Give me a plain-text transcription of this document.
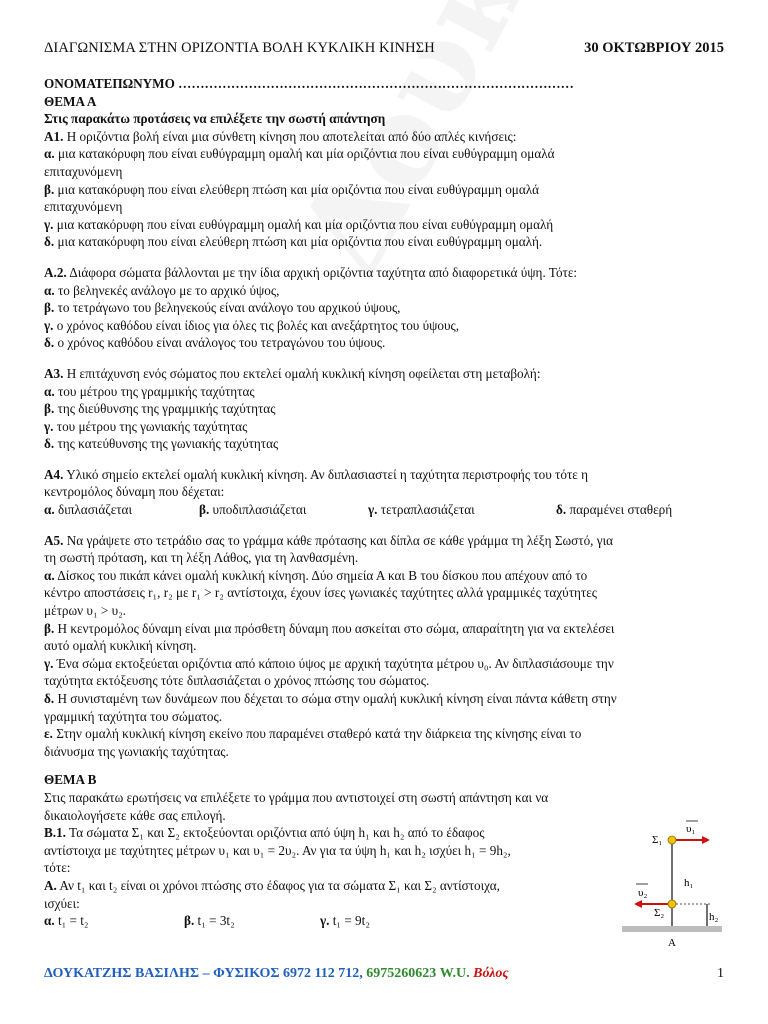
ΔΙΑΓΩΝΙΣΜΑ ΣΤΗΝ ΟΡΙΖΟΝΤΙΑ ΒΟΛΗ ΚΥΚΛΙΚΗ ΚΙΝΗΣΗ	30 ΟΚΤΩΒΡΙΟΥ 2015
ΟΝΟΜΑΤΕΠΩΝΥΜΟ ………………………………………………………………………………
ΘΕΜΑ Α
Στις παρακάτω προτάσεις να επιλέξετε την σωστή απάντηση
Α1. Η οριζόντια βολή είναι μια σύνθετη κίνηση που αποτελείται από δύο απλές κινήσεις:
α. μια κατακόρυφη που είναι ευθύγραμμη ομαλή και μία οριζόντια που είναι ευθύγραμμη ομαλά
επιταχυνόμενη
β. μια κατακόρυφη που είναι ελεύθερη πτώση και μία οριζόντια που είναι ευθύγραμμη ομαλά
επιταχυνόμενη
γ. μια κατακόρυφη που είναι ευθύγραμμη ομαλή και μία οριζόντια που είναι ευθύγραμμη ομαλή
δ. μια κατακόρυφη που είναι ελεύθερη πτώση και μία οριζόντια που είναι ευθύγραμμη ομαλή.
Α.2. Διάφορα σώματα βάλλονται με την ίδια αρχική οριζόντια ταχύτητα από διαφορετικά ύψη. Τότε:
α. το βεληνεκές ανάλογο με το αρχικό ύψος,
β. το τετράγωνο του βεληνεκούς είναι ανάλογο του αρχικού ύψους,
γ. ο χρόνος καθόδου είναι ίδιος για όλες τις βολές και ανεξάρτητος του ύψους,
δ. ο χρόνος καθόδου είναι ανάλογος του τετραγώνου του ύψους.
Α3. Η επιτάχυνση ενός σώματος που εκτελεί ομαλή κυκλική κίνηση οφείλεται στη μεταβολή:
α. του μέτρου της γραμμικής ταχύτητας
β. της διεύθυνσης της γραμμικής ταχύτητας
γ. του μέτρου της γωνιακής ταχύτητας
δ. της κατεύθυνσης της γωνιακής ταχύτητας
Α4. Υλικό σημείο εκτελεί ομαλή κυκλική κίνηση. Αν διπλασιαστεί η ταχύτητα περιστροφής του τότε η
κεντρομόλος δύναμη που δέχεται:
α. διπλασιάζεται	β. υποδιπλασιάζεται	γ. τετραπλασιάζεται	δ. παραμένει σταθερή
Α5. Να γράψετε στο τετράδιο σας το γράμμα κάθε πρότασης και δίπλα σε κάθε γράμμα τη λέξη Σωστό, για
τη σωστή πρόταση, και τη λέξη Λάθος, για τη λανθασμένη.
α. Δίσκος του πικάπ κάνει ομαλή κυκλική κίνηση. Δύο σημεία Α και Β του δίσκου που απέχουν από το
κέντρο αποστάσεις r₁, r₂ με r₁ > r₂ αντίστοιχα, έχουν ίσες γωνιακές ταχύτητες αλλά γραμμικές ταχύτητες
μέτρων υ₁ > υ₂.
β. Η κεντρομόλος δύναμη είναι μια πρόσθετη δύναμη που ασκείται στο σώμα, απαραίτητη για να εκτελέσει
αυτό ομαλή κυκλική κίνηση.
γ. Ένα σώμα εκτοξεύεται οριζόντια από κάποιο ύψος με αρχική ταχύτητα μέτρου υ₀. Αν διπλασιάσουμε την
ταχύτητα εκτόξευσης τότε διπλασιάζεται ο χρόνος πτώσης του σώματος.
δ. Η συνισταμένη των δυνάμεων που δέχεται το σώμα στην ομαλή κυκλική κίνηση είναι πάντα κάθετη στην
γραμμική ταχύτητα του σώματος.
ε. Στην ομαλή κυκλική κίνηση εκείνο που παραμένει σταθερό κατά την διάρκεια της κίνησης είναι το
διάνυσμα της γωνιακής ταχύτητας.
ΘΕΜΑ Β
Στις παρακάτω ερωτήσεις να επιλέξετε το γράμμα που αντιστοιχεί στη σωστή απάντηση και να
δικαιολογήσετε κάθε σας επιλογή.
Β.1. Τα σώματα Σ₁ και Σ₂ εκτοξεύονται οριζόντια από ύψη h₁ και h₂ από το έδαφος
αντίστοιχα με ταχύτητες μέτρων υ₁ και υ₁ = 2υ₂. Αν για τα ύψη h₁ και h₂ ισχύει h₁ = 9h₂,
τότε:
Α. Αν t₁ και t₂ είναι οι χρόνοι πτώσης στο έδαφος για τα σώματα Σ₁ και Σ₂ αντίστοιχα,
ισχύει:
α. t₁ = t₂	β. t₁ = 3t₂	γ. t₁ = 9t₂
υ₁
υ₂
Σ₁
Σ₂
h₁
h₂
Α
ΔΟΥΚΑΤΖΗΣ ΒΑΣΙΛΗΣ – ΦΥΣΙΚΟΣ 6972 112 712, 6975260623 W.U. Βόλος	1
